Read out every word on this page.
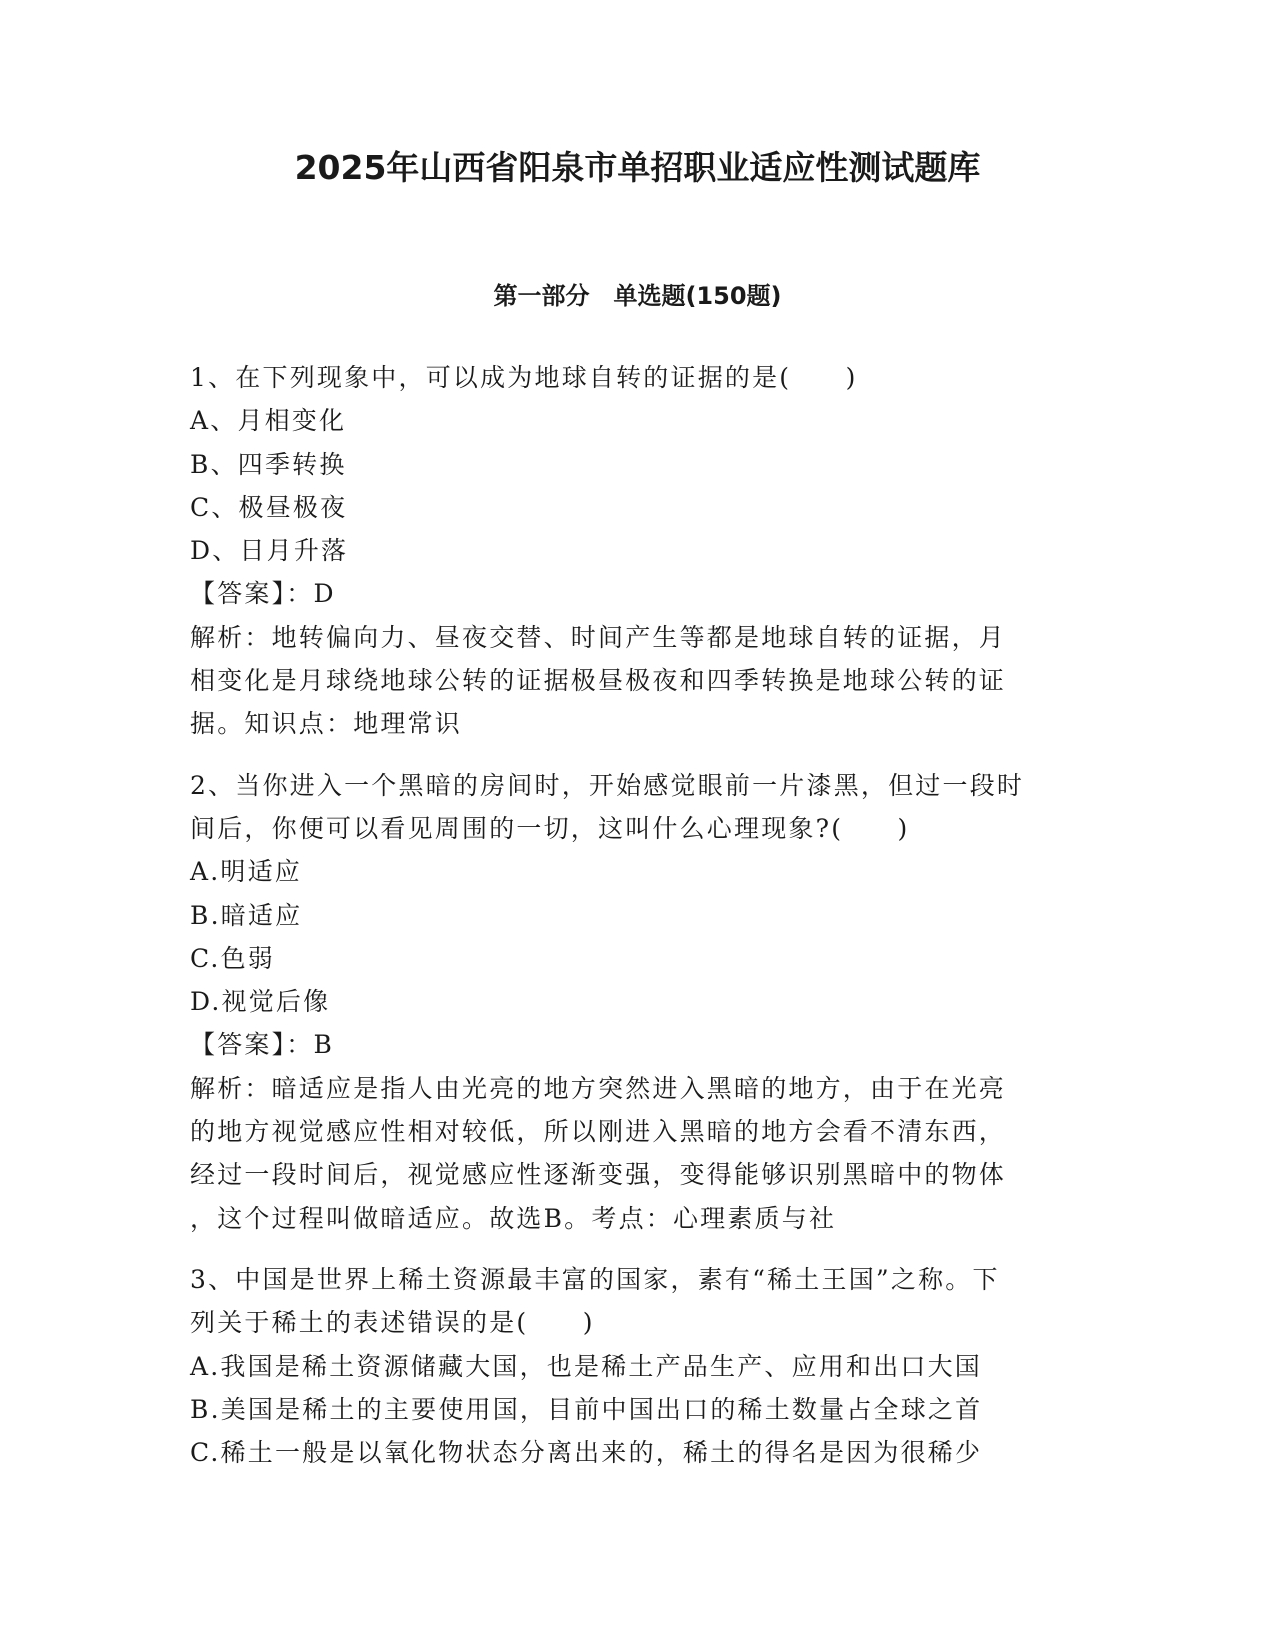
2025年山西省阳泉市单招职业适应性测试题库
第一部分　单选题(150题)

1、在下列现象中，可以成为地球自转的证据的是(　　)

A、月相变化

B、四季转换

C、极昼极夜

D、日月升落

【答案】：D

解析：地转偏向力、昼夜交替、时间产生等都是地球自转的证据，月

相变化是月球绕地球公转的证据极昼极夜和四季转换是地球公转的证

据。知识点：地理常识

2、当你进入一个黑暗的房间时，开始感觉眼前一片漆黑，但过一段时

间后，你便可以看见周围的一切，这叫什么心理现象?(　　)

A.明适应

B.暗适应

C.色弱

D.视觉后像

【答案】：B

解析：暗适应是指人由光亮的地方突然进入黑暗的地方，由于在光亮

的地方视觉感应性相对较低，所以刚进入黑暗的地方会看不清东西，

经过一段时间后，视觉感应性逐渐变强，变得能够识别黑暗中的物体

，这个过程叫做暗适应。故选B。考点：心理素质与社

3、中国是世界上稀土资源最丰富的国家，素有“稀土王国”之称。下

列关于稀土的表述错误的是(　　)

A.我国是稀土资源储藏大国，也是稀土产品生产、应用和出口大国

B.美国是稀土的主要使用国，目前中国出口的稀土数量占全球之首

C.稀土一般是以氧化物状态分离出来的，稀土的得名是因为很稀少
